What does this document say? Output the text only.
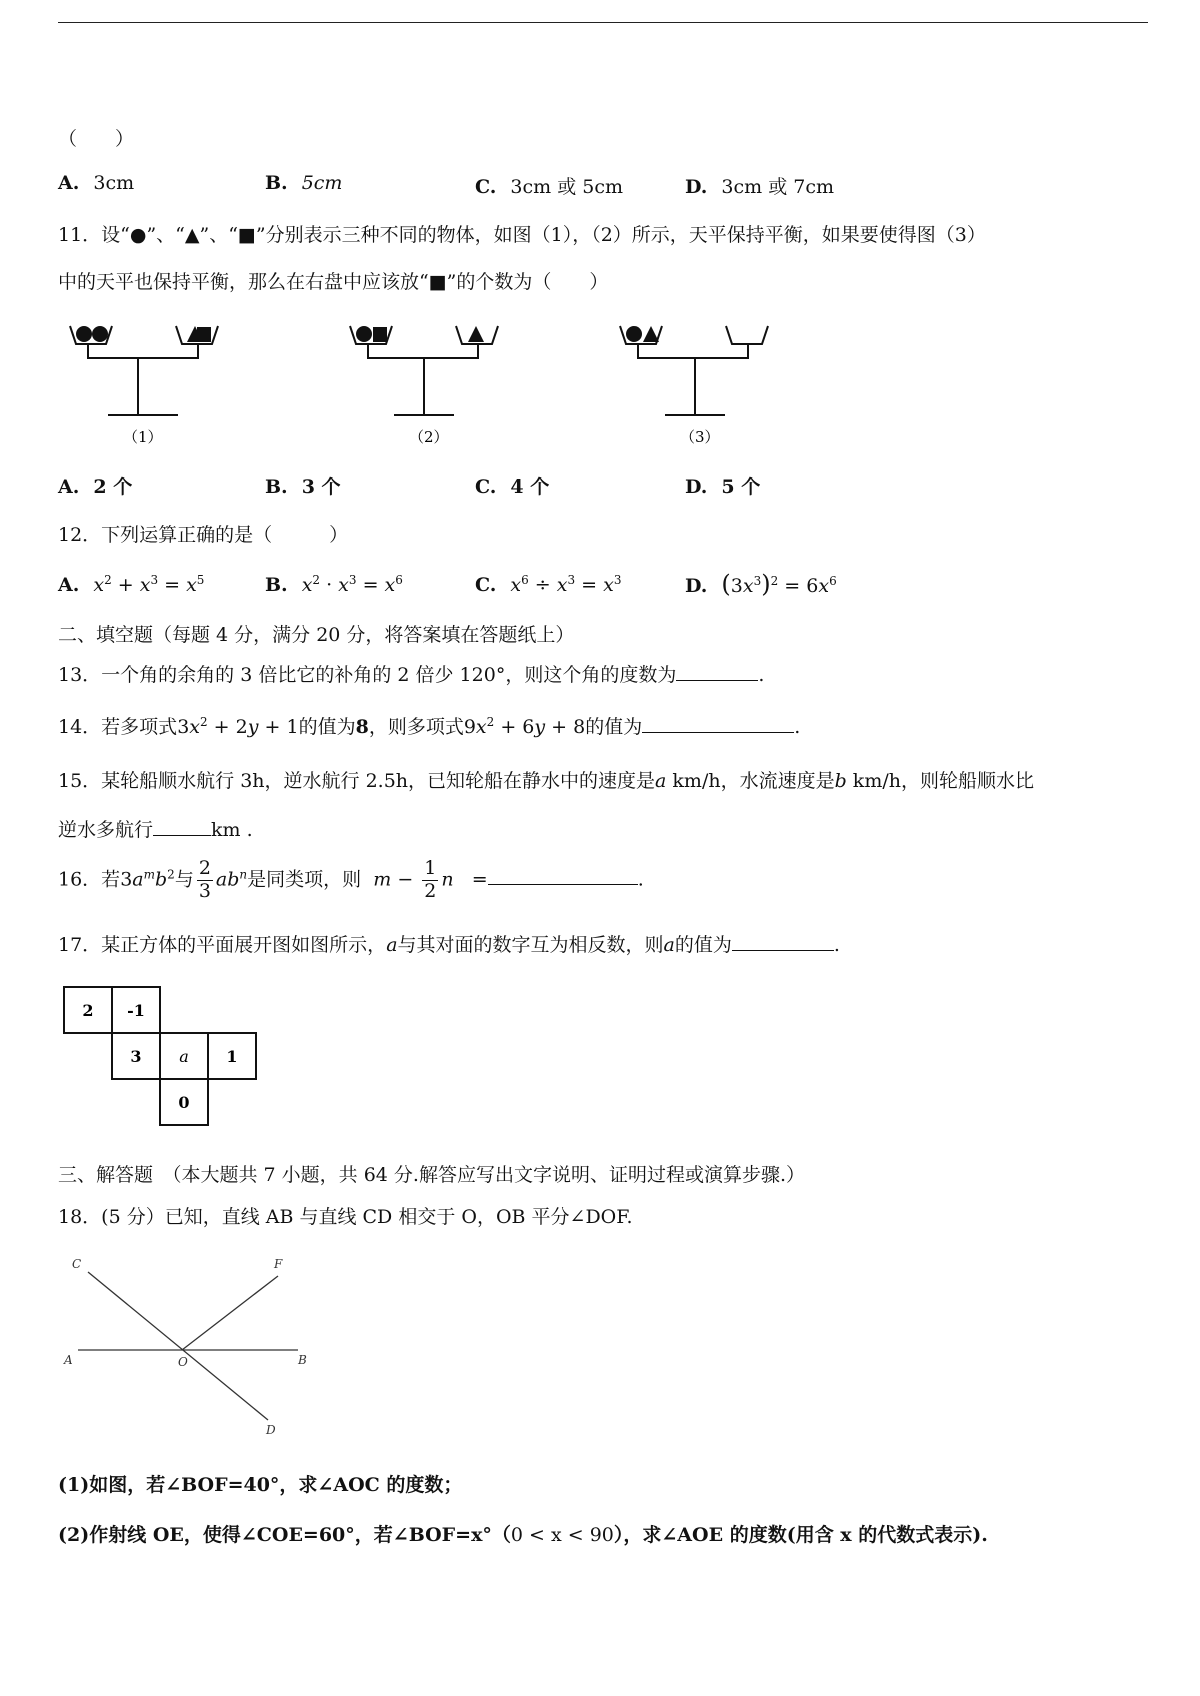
（　　）
A. 3cm	B. 5cm	C. 3cm 或 5cm	D. 3cm 或 7cm
11．设“●”、“▲”、“■”分别表示三种不同的物体，如图（1），（2）所示，天平保持平衡，如果要使得图（3）
中的天平也保持平衡，那么在右盘中应该放“■”的个数为（　　）
（1）	（2）	（3）
A. 2 个	B. 3 个	C. 4 个	D. 5 个
12．下列运算正确的是（　　　）
A. $x^2 + x^3 = x^5$	B. $x^2 \cdot x^3 = x^6$	C. $x^6 \div x^3 = x^3$	D. $(3x^3)^2 = 6x^6$
二、填空题（每题 4 分，满分 20 分，将答案填在答题纸上）
13．一个角的余角的 3 倍比它的补角的 2 倍少 120°，则这个角的度数为	.
14．若多项式$3x^2 + 2y + 1$的值为8，则多项式$9x^2 + 6y + 8$的值为	.
15．某轮船顺水航行 3h，逆水航行 2.5h，已知轮船在静水中的速度是a km/h，水流速度是b km/h，则轮船顺水比
逆水多航行	km .
16．若$3a^mb^2$与 $\frac{2}{3} ab^n$是同类项，则 $m - \frac{1}{2}$ n   =	.
17．某正方体的平面展开图如图所示，a与其对面的数字互为相反数，则a的值为	.
2 -1
3 a 1
0
三、解答题　（本大题共 7 小题，共 64 分.解答应写出文字说明、证明过程或演算步骤.）
18．(5 分）已知，直线 AB 与直线 CD 相交于 O，OB 平分∠DOF.
C	F
A	O	B
D
(1)如图，若∠BOF=40°，求∠AOC 的度数；
(2)作射线 OE，使得∠COE=60°，若∠BOF=x°（0 < x < 90），求∠AOE 的度数(用含 x 的代数式表示).
